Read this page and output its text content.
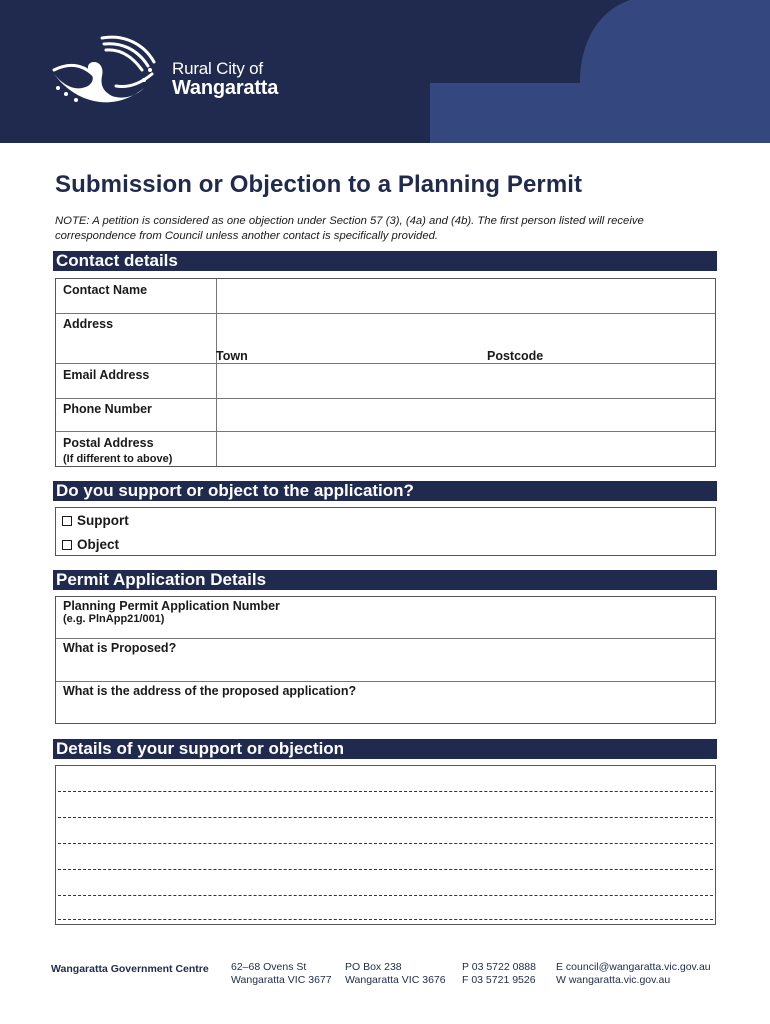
Rural City of
Wangaratta
Submission or Objection to a Planning Permit

NOTE: A petition is considered as one objection under Section 57 (3), (4a) and (4b). The first person listed will receive correspondence from Council unless another contact is specifically provided.

Contact details
Contact Name
Address
Town	Postcode
Email Address
Phone Number
Postal Address
(If different to above)
Do you support or object to the application?
Support
Object
Permit Application Details
Planning Permit Application Number
(e.g. PlnApp21/001)
What is Proposed?
What is the address of the proposed application?
Details of your support or objection
Wangaratta Government Centre 62–68 Ovens St
Wangaratta VIC 3677
PO Box 238
Wangaratta VIC 3676
P 03 5722 0888
F 03 5721 9526
E council@wangaratta.vic.gov.au
W wangaratta.vic.gov.au
